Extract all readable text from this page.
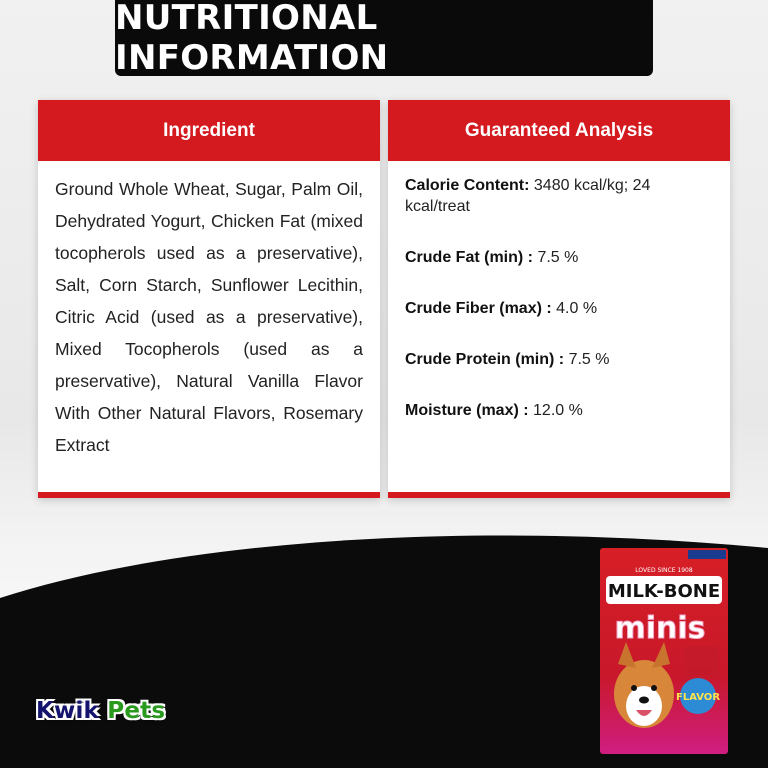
NUTRITIONAL INFORMATION
Ingredient
Ground Whole Wheat, Sugar, Palm Oil, Dehydrated Yogurt, Chicken Fat (mixed tocopherols used as a preservative), Salt, Corn Starch, Sunflower Lecithin, Citric Acid (used as a preservative), Mixed Tocopherols (used as a preservative), Natural Vanilla Flavor With Other Natural Flavors, Rosemary Extract
Guaranteed Analysis
Calorie Content: 3480 kcal/kg; 24 kcal/treat
Crude Fat (min) : 7.5 %
Crude Fiber (max) : 4.0 %
Crude Protein (min) : 7.5 %
Moisture (max) : 12.0 %
Kwik Pets
LOVED SINCE 1908
MILK-BONE
minis
FLAVOR
